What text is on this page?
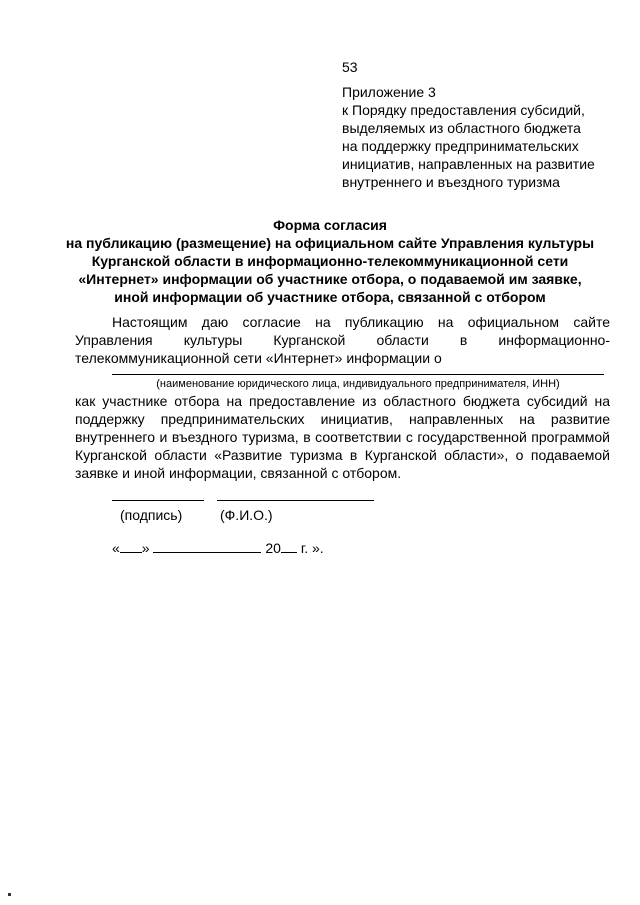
53
Приложение 3
к Порядку предоставления субсидий,
выделяемых из областного бюджета
на поддержку предпринимательских
инициатив, направленных на развитие
внутреннего и въездного туризма
Форма согласия
на публикацию (размещение) на официальном сайте Управления культуры
Курганской области в информационно-телекоммуникационной сети
«Интернет» информации об участнике отбора, о подаваемой им заявке,
иной информации об участнике отбора, связанной с отбором
Настоящим даю согласие на публикацию на официальном сайте
Управления культуры Курганской области в информационно-
телекоммуникационной сети «Интернет» информации о
(наименование юридического лица, индивидуального предпринимателя, ИНН)
как участнике отбора на предоставление из областного бюджета субсидий на
поддержку предпринимательских инициатив, направленных на развитие
внутреннего и въездного туризма, в соответствии с государственной программой
Курганской области «Развитие туризма в Курганской области», о подаваемой
заявке и иной информации, связанной с отбором.
(подпись)	(Ф.И.О.)
« »	20 г. ».
